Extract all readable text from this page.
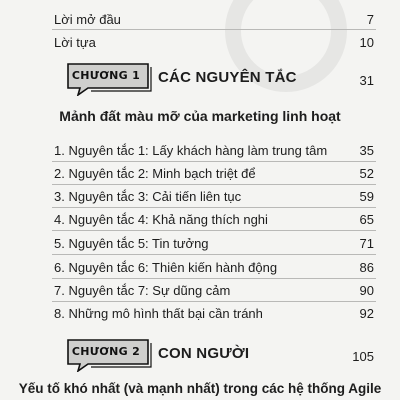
Lời mở đầu	7
Lời tựa	10
CHƯƠNG 1	CÁC NGUYÊN TẮC	31
Mảnh đất màu mỡ của marketing linh hoạt
1. Nguyên tắc 1: Lấy khách hàng làm trung tâm 35
2. Nguyên tắc 2: Minh bạch triệt để	52
3. Nguyên tắc 3: Cải tiến liên tục	59
4. Nguyên tắc 4: Khả năng thích nghi	65
5. Nguyên tắc 5: Tin tưởng	71
6. Nguyên tắc 6: Thiên kiến hành động	86
7. Nguyên tắc 7: Sự dũng cảm	90
8. Những mô hình thất bại cần tránh	92
CHƯƠNG 2	CON NGƯỜI	105
Yếu tố khó nhất (và mạnh nhất) trong các hệ thống Agile
